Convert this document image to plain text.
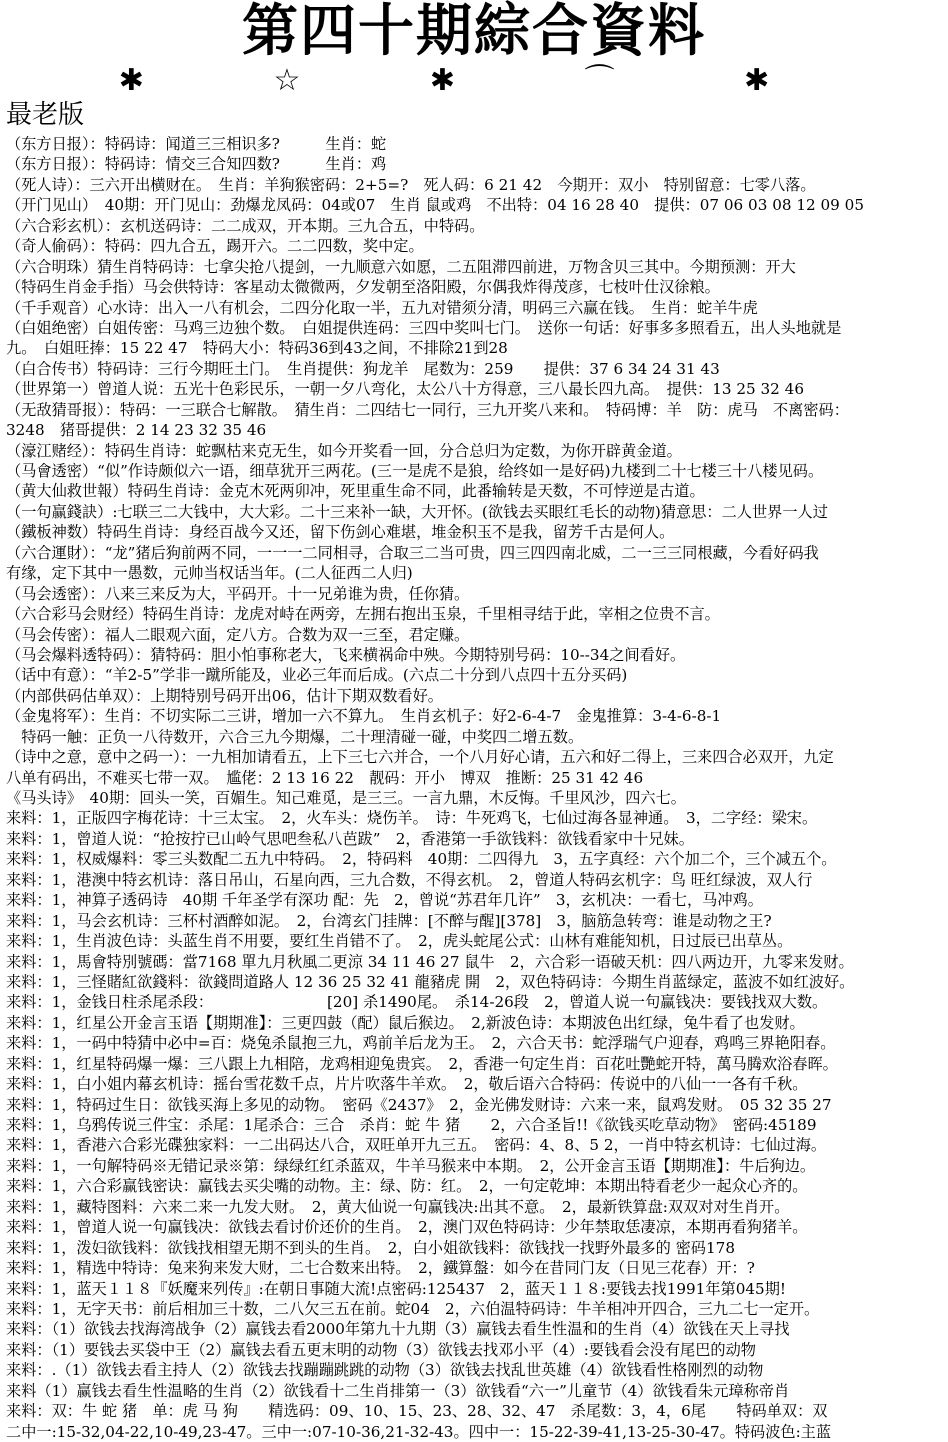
第四十期綜合資料
✱ ☆ ✱ ⌒ ✱
最老版
（东方日报）：特码诗：闻道三三相识多?　　　生肖：蛇
（东方日报）：特码诗：情交三合知四数?　　　生肖：鸡
（死人诗）：三六开出横财在。　生肖：羊狗猴密码：2+5=?　死人码：6 21 42　今期开：双小　特别留意：七零八落。
（开门见山）　40期：开门见山：劲爆龙凤码：04或07　生肖 鼠或鸡　不出特：04 16 28 40　提供：07 06 03 08 12 09 05
（六合彩玄机）：玄机送码诗：二二成双，开本期。三九合五，中特码。
（奇人偷码）：特码：四九合五，踢开六。二二四数，奖中定。
（六合明珠）猜生肖特码诗：七拿尖抢八提剑，一九顺意六如愿，二五阻滞四前进，万物含贝三其中。今期预测：开大
（特码生肖金手指）马会供特诗：客星动太微微两，夕发朝至洛阳殿，尔偶我炸得茂彦，七枝叶仕汉徐粮。
（千手观音）心水诗：出入一八有机会，二四分化取一半，五九对错须分清，明码三六赢在钱。　生肖：蛇羊牛虎
（白姐绝密）白姐传密：马鸡三边独个数。　白姐提供连码：三四中奖叫七门。　送你一句话：好事多多照看五，出人头地就是
九。　白姐旺捧：15 22 47　特码大小：特码36到43之间，不排除21到28
（白合传书）特码诗：三行今期旺土门。　生肖提供：狗龙羊　尾数为：259　　提供：37 6 34 24 31 43
（世界第一）曾道人说：五光十色彩民乐，一朝一夕八弯化，太公八十方得意，三八最长四九高。　提供：13 25 32 46
（无敌猜哥报）：特码：一三联合七解散。　猜生肖：二四结七一同行，三九开奖八来和。　特码博：羊　防：虎马　不离密码：
3248　猪哥提供：2 14 23 32 35 46
（濠江赌经）：特码生肖诗：蛇飘枯来克无生，如今开奖看一回，分合总归为定数，为你开辟黄金道。
（马會透密）“似”作诗颇似六一语，细草犹开三两花。(三一是虎不是狼，给终如一是好码)九楼到二十七楼三十八楼见码。
（黄大仙救世報）特码生肖诗：金克木死两卯冲，死里重生命不同，此番输转是天数，不可悖逆是古道。
（一句赢錢訣）:七联三二大钱中，大大彩。二十三来补一缺，大开怀。(欲钱去买眼红毛长的动物)猜意思：二人世界一人过
（鐵板神数）特码生肖诗：身经百战今又还，留下伤剑心难堪，堆金积玉不是我，留芳千古是何人。
（六合運財）：“龙”猪后狗前两不同，一一一二同相寻，合取三二当可贵，四三四四南北威，二一三三同根藏，今看好码我
有缘，定下其中一愚数，元帅当权话当年。(二人征西二人归)
（马会透密）：八来三来反为大，平码开。十一兄弟谁为贵，任你猜。
（六合彩马会财经）特码生肖诗：龙虎对峙在两旁，左拥右抱出玉泉，千里相寻结于此，宰相之位贵不言。
（马会传密）：福人二眼观六面，定八方。合数为双一三至，君定赚。
（马会爆料透特码）：猜特码：胆小怕事称老大，飞来横祸命中殃。今期特别号码：10--34之间看好。
（话中有意）：“羊2-5”学非一蹴所能及，业必三年而后成。(六点二十分到八点四十五分买码)
（内部供码估单双）：上期特别号码开出06，估计下期双数看好。
（金鬼将军）：生肖：不切实际二三讲，增加一六不算九。　生肖玄机子：好2-6-4-7　金鬼推算：3-4-6-8-1
　特码一触：正负一八待数开，六合三九今期爆，二十理清碰一碰，中奖四二增五数。
（诗中之意，意中之码一）：一九相加请看五，上下三七六并合，一个八月好心请，五六和好二得上，三来四合必双开，九定
八单有码出，不难买七带一双。　尴佬：2 13 16 22　靓码：开小　博双　推断：25 31 42 46
《马头诗》　40期：回头一笑，百媚生。知己难觅，是三三。一言九鼎，木反悔。千里风沙，四六七。
来料：1，正版四字梅花诗：十三太宝。　2，火车头：烧伤羊。　诗：牛死鸡飞，七仙过海各显神通。　3，二字经：梁宋。
来料：1，曾道人说：“抢按拧已山岭气思吧叁私八芭跋”　2，香港第一手欲钱料：欲钱看家中十兄妹。
来料：1，权威爆料：零三头数配二五九中特码。　2，特码料　40期：二四得九　3，五字真经：六个加二个，三个减五个。
来料：1，港澳中特玄机诗：落日吊山，石星向西，三九合数，不得玄机。　2，曾道人特码玄机字：鸟 旺红绿波，双人行
来料：1，神算子透码诗　40期 千年圣学有深功 配：先　2，曾说“苏君年几许”　3，玄机决：一看七，马冲鸡。
来料：1，马会玄机诗：三杯村酒醉如泥。　2，台湾玄门挂牌：[不醉与醒][378]　3，脑筋急转弯：谁是动物之王?
来料：1，生肖波色诗：头蓝生肖不用要，要红生肖错不了。　2，虎头蛇尾公式：山林有难能知机，日过辰已出草丛。
来料：1，馬會特別號碼：當7168 單九月秋風二更涼 34 11 46 27 鼠牛　2，六合彩一语破天机：四八两边开，九零来发财。
来料：1，三怪賭紅欲錢料：欲錢問道路人 12 36 25 32 41 龍豬虎 開　2，双色特码诗：今期生肖蓝绿定，蓝波不如红波好。
来料：1，金钱日柱杀尾杀段：　　　　　　　　[20] 杀1490尾。　杀14-26段　2，曾道人说一句赢钱决：要钱找双大数。
来料：1，红星公开金言玉语【期期准】：三更四鼓（配）鼠后猴边。　2,新波色诗：本期波色出红绿，兔牛看了也发财。
来料：1，一码中特猜中必中=百：烧兔杀鼠抱三九，鸡前羊后龙为王。　2，六合天书：蛇浮瑞气户迎春，鸡鸣三界艳阳春。
来料：1，红星特码爆一爆：三八跟上九相陪，龙鸡相迎兔贵宾。　2，香港一句定生肖：百花吐艷蛇开特，萬马腾欢浴春晖。
来料：1，白小姐内幕玄机诗：摇台雪花数千点，片片吹落牛羊欢。　2，敬后语六合特码：传说中的八仙一一各有千秋。
来料：1，特码过生日：欲钱买海上多见的动物。　密码《2437》　2，金光佛发财诗：六来一来，鼠鸡发财。　05 32 35 27
来料：1，乌鸦传说三件宝：杀尾：1尾杀合：三合　杀肖：蛇 牛 猪　　2，六合圣旨!!《欲钱买吃草动物》　密码:45189
来料：1，香港六合彩光碟独家料：一二出码达八合，双旺单开九三五。　密码：4、8、5 2，一肖中特玄机诗：七仙过海。
来料：1，一句解特码※无错记录※第：绿绿红红杀蓝双，牛羊马猴来中本期。　2，公开金言玉语【期期准】：牛后狗边。
来料：1，六合彩赢钱密诀：赢钱去买尖嘴的动物。主：绿、防：红。　2，一句定乾坤：本期出特看老少一起众心齐的。
来料：1，藏特图料：六来二来一九发大财。　2，黄大仙说一句赢钱决:出其不意。　2，最新铁算盘:双双对对生肖开。
来料：1，曾道人说一句赢钱决：欲钱去看讨价还价的生肖。　2，澳门双色特码诗：少年禁取恁凄凉，本期再看狗猪羊。
来料：1，泼妇欲钱料：欲钱找相望无期不到头的生肖。　2，白小姐欲钱料：欲钱找一找野外最多的 密码178
来料：1，精选中特诗：兔来狗来发大财，二七合数来出特。　2，鐵算盤：如今在昔同门友（日见三花春）开：?
来料：1，蓝天１１８『妖魔来列传』:在朝日事随大流!点密码:125437　2，蓝天１１８:要钱去找1991年第045期!
来料：1，无字天书：前后相加三十数，二八欠三五在前。蛇04　2，六伯温特码诗：牛羊相冲开四合，三九二七一定开。
来料：（1）欲钱去找海湾战争（2）赢钱去看2000年第九十九期（3）赢钱去看生性温和的生肖（4）欲钱在天上寻找
来料：（1）要钱去买袋中王（2）赢钱去看五更末明的动物（3）欲钱去找邓小平（4）:要钱看会没有尾巴的动物
来料：.（1）欲钱去看主持人（2）欲钱去找蹦蹦跳跳的动物（3）欲钱去找乱世英雄（4）欲钱看性格刚烈的动物
来料（1）赢钱去看生性温略的生肖（2）欲钱看十二生肖排第一（3）欲钱看“六一”儿童节（4）欲钱看朱元璋称帝肖
来料：双：牛 蛇 猪　单：虎 马 狗　　精选码：09、10、15、23、28、32、47　杀尾数：3，4，6尾　　特码单双：双
二中一:15-32,04-22,10-49,23-47。三中一:07-10-36,21-32-43。四中一：15-22-39-41,13-25-30-47。特码波色:主蓝
